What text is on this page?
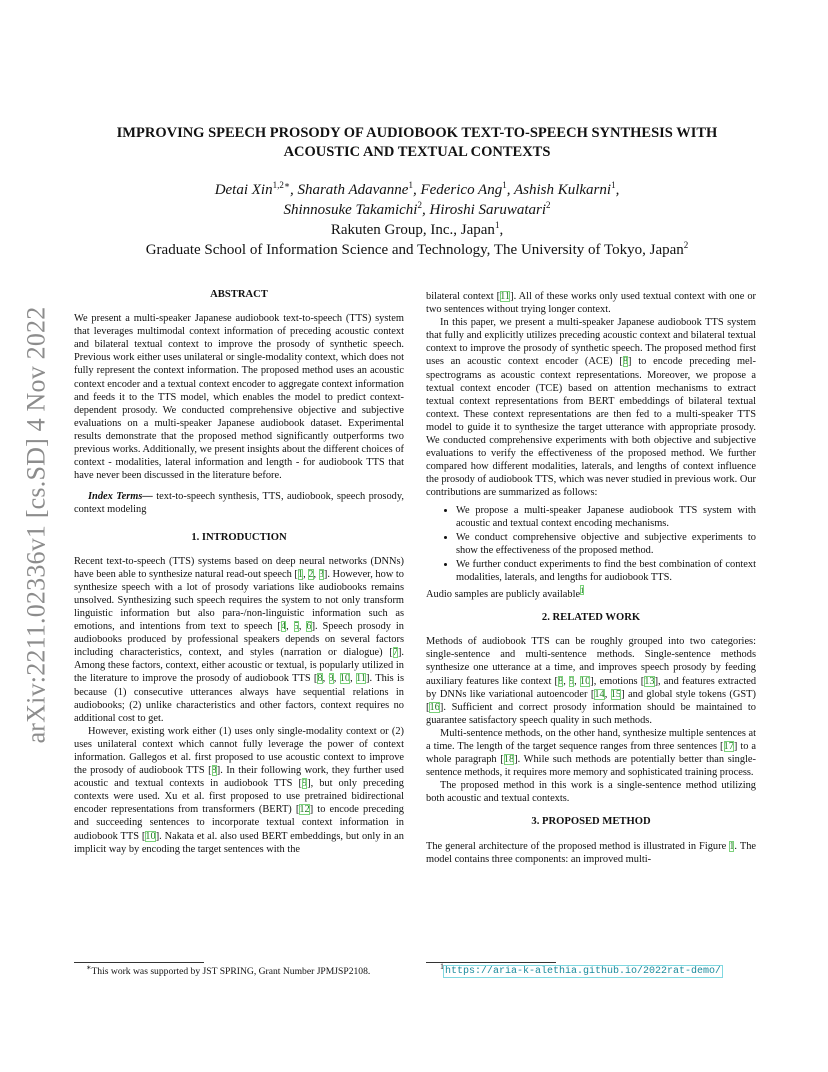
arXiv:2211.02336v1 [cs.SD] 4 Nov 2022
IMPROVING SPEECH PROSODY OF AUDIOBOOK TEXT-TO-SPEECH SYNTHESIS WITH
ACOUSTIC AND TEXTUAL CONTEXTS
Detai Xin$^{1,2∗}$, Sharath Adavanne$^1$, Federico Ang$^1$, Ashish Kulkarni$^1$,
Shinnosuke Takamichi$^2$, Hiroshi Saruwatari$^2$
Rakuten Group, Inc., Japan$^1$,
Graduate School of Information Science and Technology, The University of Tokyo, Japan$^2$
ABSTRACT

We present a multi-speaker Japanese audiobook text-to-speech (TTS) system that leverages multimodal context information of preceding acoustic context and bilateral textual context to improve the prosody of synthetic speech. Previous work either uses unilateral or single-modality context, which does not fully represent the context information. The proposed method uses an acoustic context encoder and a textual context encoder to aggregate context information and feeds it to the TTS model, which enables the model to predict context-dependent prosody. We conducted comprehensive objective and subjective evaluations on a multi-speaker Japanese audiobook dataset. Experimental results demonstrate that the proposed method significantly outperforms two previous works. Additionally, we present insights about the different choices of context - modalities, lateral information and length - for audiobook TTS that have never been discussed in the literature before.

Index Terms— text-to-speech synthesis, TTS, audiobook, speech prosody, context modeling

1. INTRODUCTION

Recent text-to-speech (TTS) systems based on deep neural networks (DNNs) have been able to synthesize natural read-out speech [1, 2, 3]. However, how to synthesize speech with a lot of prosody variations like audiobooks remains unsolved. Synthesizing such speech requires the system to not only transform linguistic information but also para-/non-linguistic information such as emotions, and intentions from text to speech [4, 5, 6]. Speech prosody in audiobooks produced by professional speakers depends on several factors including characteristics, context, and styles (narration or dialogue) [7]. Among these factors, context, either acoustic or textual, is popularly utilized in the literature to improve the prosody of audiobook TTS [8, 9, 10, 11]. This is because (1) consecutive utterances always have sequential relations in audiobooks; (2) unlike characteristics and other factors, context requires no additional cost to get.

However, existing work either (1) uses only single-modality context or (2) uses unilateral context which cannot fully leverage the power of context information. Gallegos et al. first proposed to use acoustic context to improve the prosody of audiobook TTS [8]. In their following work, they further used acoustic and textual contexts in audiobook TTS [9], but only preceding contexts were used. Xu et al. first proposed to use pretrained bidirectional encoder representations from transformers (BERT) [12] to encode preceding and succeeding sentences to incorporate textual context information in audiobook TTS [10]. Nakata et al. also used BERT embeddings, but only in an implicit way by encoding the target sentences with the

bilateral context [11]. All of these works only used textual context with one or two sentences without trying longer context.

In this paper, we present a multi-speaker Japanese audiobook TTS system that fully and explicitly utilizes preceding acoustic context and bilateral textual context to improve the prosody of synthetic speech. The proposed method first uses an acoustic context encoder (ACE) [8] to encode preceding mel-spectrograms as acoustic context representations. Moreover, we propose a textual context encoder (TCE) based on attention mechanisms to extract textual context representations from BERT embeddings of bilateral textual context. These context representations are then fed to a multi-speaker TTS model to guide it to synthesize the target utterance with appropriate prosody. We conducted comprehensive experiments with both objective and subjective evaluations to verify the effectiveness of the proposed method. We further compared how different modalities, laterals, and lengths of context influence the prosody of audiobook TTS, which was never studied in previous work. Our contributions are summarized as follows:

• We propose a multi-speaker Japanese audiobook TTS system with acoustic and textual context encoding mechanisms.
• We conduct comprehensive objective and subjective experiments to show the effectiveness of the proposed method.
• We further conduct experiments to find the best combination of context modalities, laterals, and lengths for audiobook TTS.

Audio samples are publicly available$^1$

2. RELATED WORK

Methods of audiobook TTS can be roughly grouped into two categories: single-sentence and multi-sentence methods. Single-sentence methods synthesize one utterance at a time, and improves speech prosody by feeding auxiliary features like context [8, 9, 10], emotions [13], and features extracted by DNNs like variational autoencoder [14, 15] and global style tokens (GST) [16]. Sufficient and correct prosody information should be maintained to guarantee satisfactory speech quality in such methods.

Multi-sentence methods, on the other hand, synthesize multiple sentences at a time. The length of the target sequence ranges from three sentences [17] to a whole paragraph [18]. While such methods are potentially better than single-sentence methods, it requires more memory and sophisticated training process.

The proposed method in this work is a single-sentence method utilizing both acoustic and textual contexts.

3. PROPOSED METHOD

The general architecture of the proposed method is illustrated in Figure 1. The model contains three components: an improved multi-

∗This work was supported by JST SPRING, Grant Number JPMJSP2108.	$^1$https://aria-k-alethia.github.io/2022rat-demo/
